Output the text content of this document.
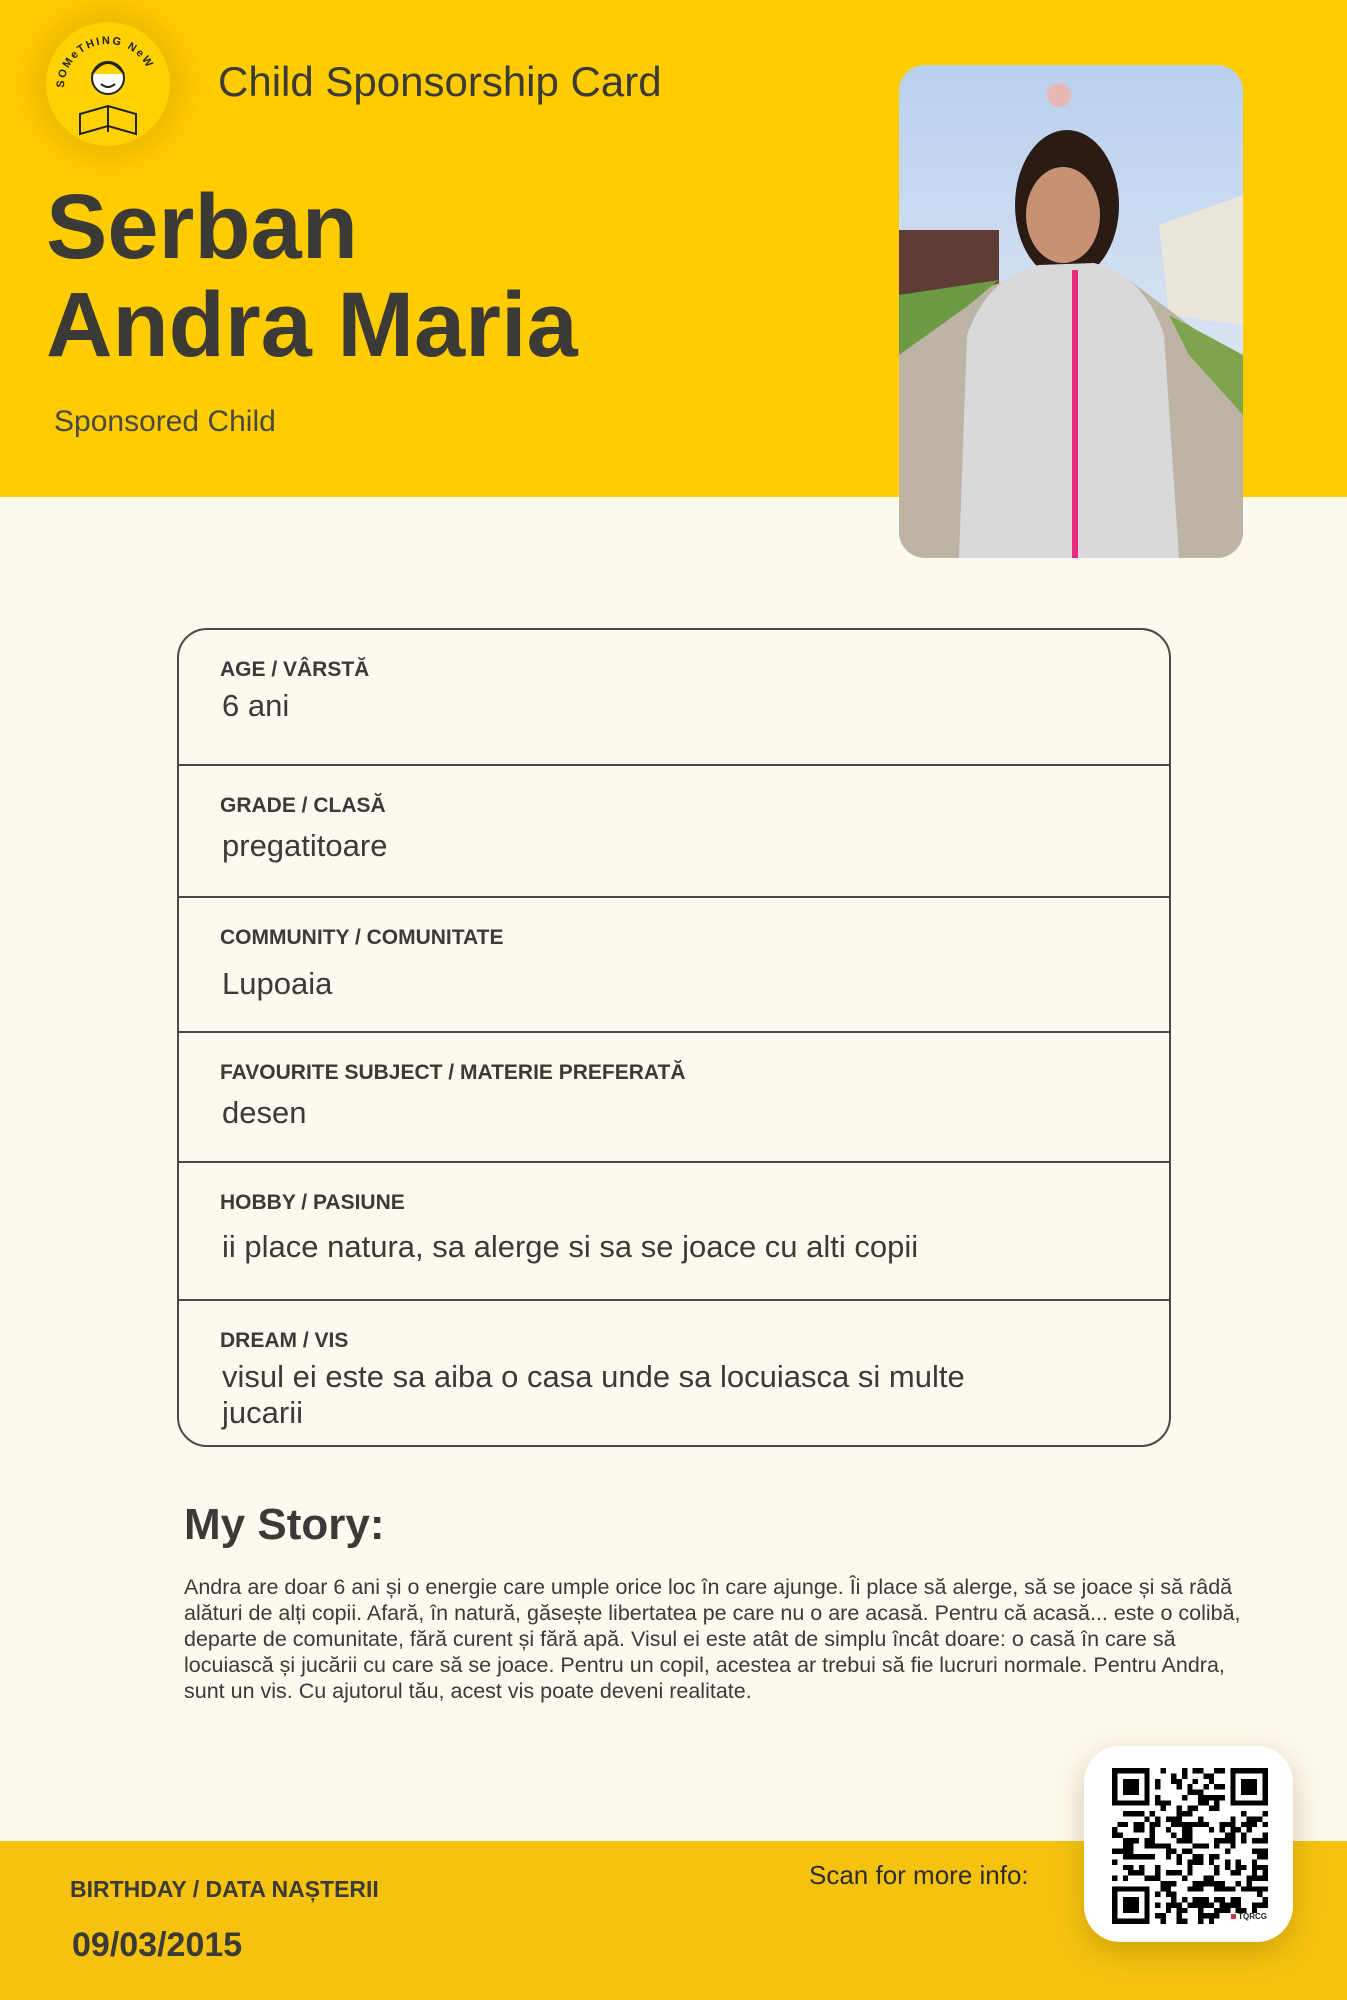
SOMeTHING NeW Child Sponsorship Card
Serban
Andra Maria
Sponsored Child
AGE / VÂRSTĂ
6 ani
GRADE / CLASĂ
pregatitoare
COMMUNITY / COMUNITATE
Lupoaia
FAVOURITE SUBJECT / MATERIE PREFERATĂ
desen
HOBBY / PASIUNE
ii place natura, sa alerge si sa se joace cu alti copii
DREAM / VIS
visul ei este sa aiba o casa unde sa locuiasca si multe jucarii
My Story:
Andra are doar 6 ani și o energie care umple orice loc în care ajunge. Îi place să alerge, să se joace și să râdă alături de alți copii. Afară, în natură, găsește libertatea pe care nu o are acasă. Pentru că acasă... este o colibă, departe de comunitate, fără curent și fără apă. Visul ei este atât de simplu încât doare: o casă în care să locuiască și jucării cu care să se joace. Pentru un copil, acestea ar trebui să fie lucruri normale. Pentru Andra, sunt un vis. Cu ajutorul tău, acest vis poate deveni realitate.
BIRTHDAY / DATA NAȘTERII
09/03/2015
Scan for more info:
TQRCG
